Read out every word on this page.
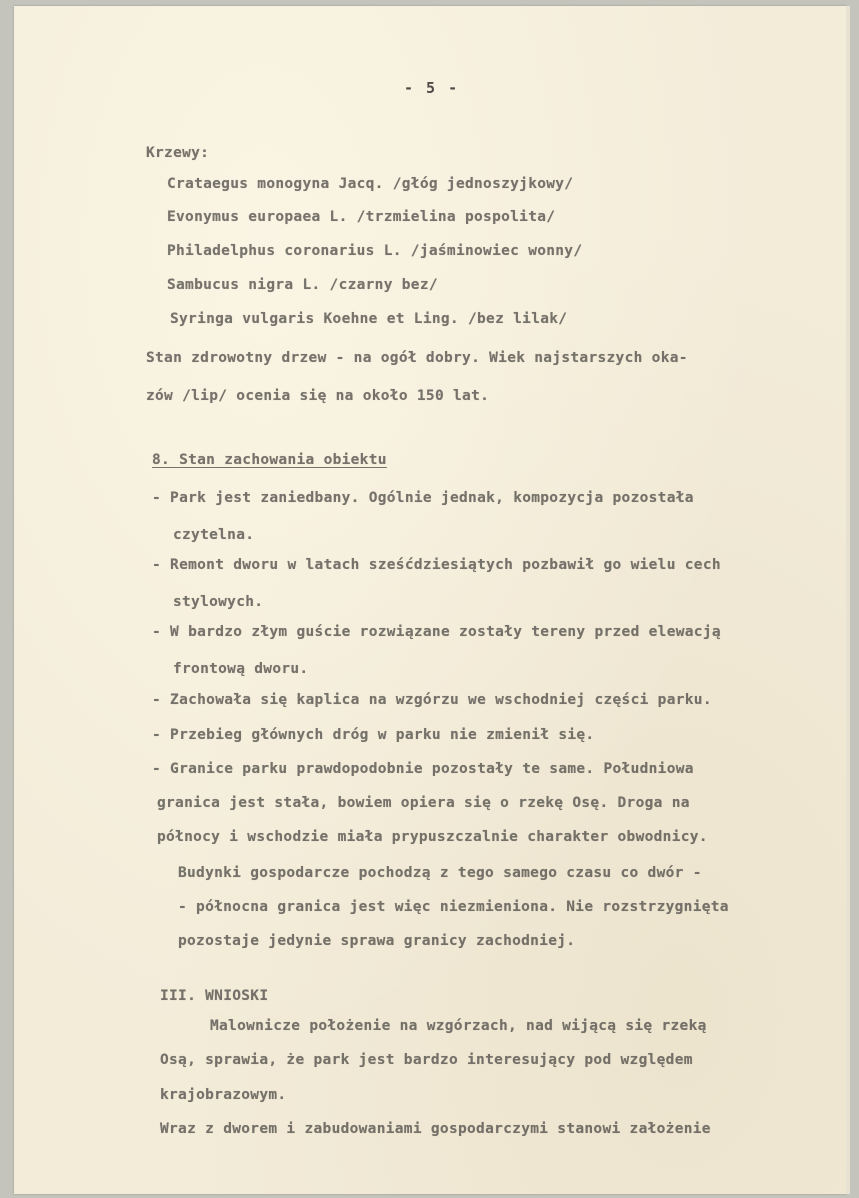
- 5 -
Krzewy:
Crataegus monogyna Jacq. /głóg jednoszyjkowy/
Evonymus europaea L. /trzmielina pospolita/
Philadelphus coronarius L. /jaśminowiec wonny/
Sambucus nigra L. /czarny bez/
Syringa vulgaris Koehne et Ling. /bez lilak/
Stan zdrowotny drzew - na ogół dobry. Wiek najstarszych oka-
zów /lip/ ocenia się na około 150 lat.
8. Stan zachowania obiektu
- Park jest zaniedbany. Ogólnie jednak, kompozycja pozostała
czytelna.
- Remont dworu w latach sześćdziesiątych pozbawił go wielu cech
stylowych.
- W bardzo złym guście rozwiązane zostały tereny przed elewacją
frontową dworu.
- Zachowała się kaplica na wzgórzu we wschodniej części parku.
- Przebieg głównych dróg w parku nie zmienił się.
- Granice parku prawdopodobnie pozostały te same. Południowa
granica jest stała, bowiem opiera się o rzekę Osę. Droga na
północy i wschodzie miała prypuszczalnie charakter obwodnicy.
Budynki gospodarcze pochodzą z tego samego czasu co dwór -
- północna granica jest więc niezmieniona. Nie rozstrzygnięta
pozostaje jedynie sprawa granicy zachodniej.
III. WNIOSKI
Malownicze położenie na wzgórzach, nad wijącą się rzeką
Osą, sprawia, że park jest bardzo interesujący pod względem
krajobrazowym.
Wraz z dworem i zabudowaniami gospodarczymi stanowi założenie
